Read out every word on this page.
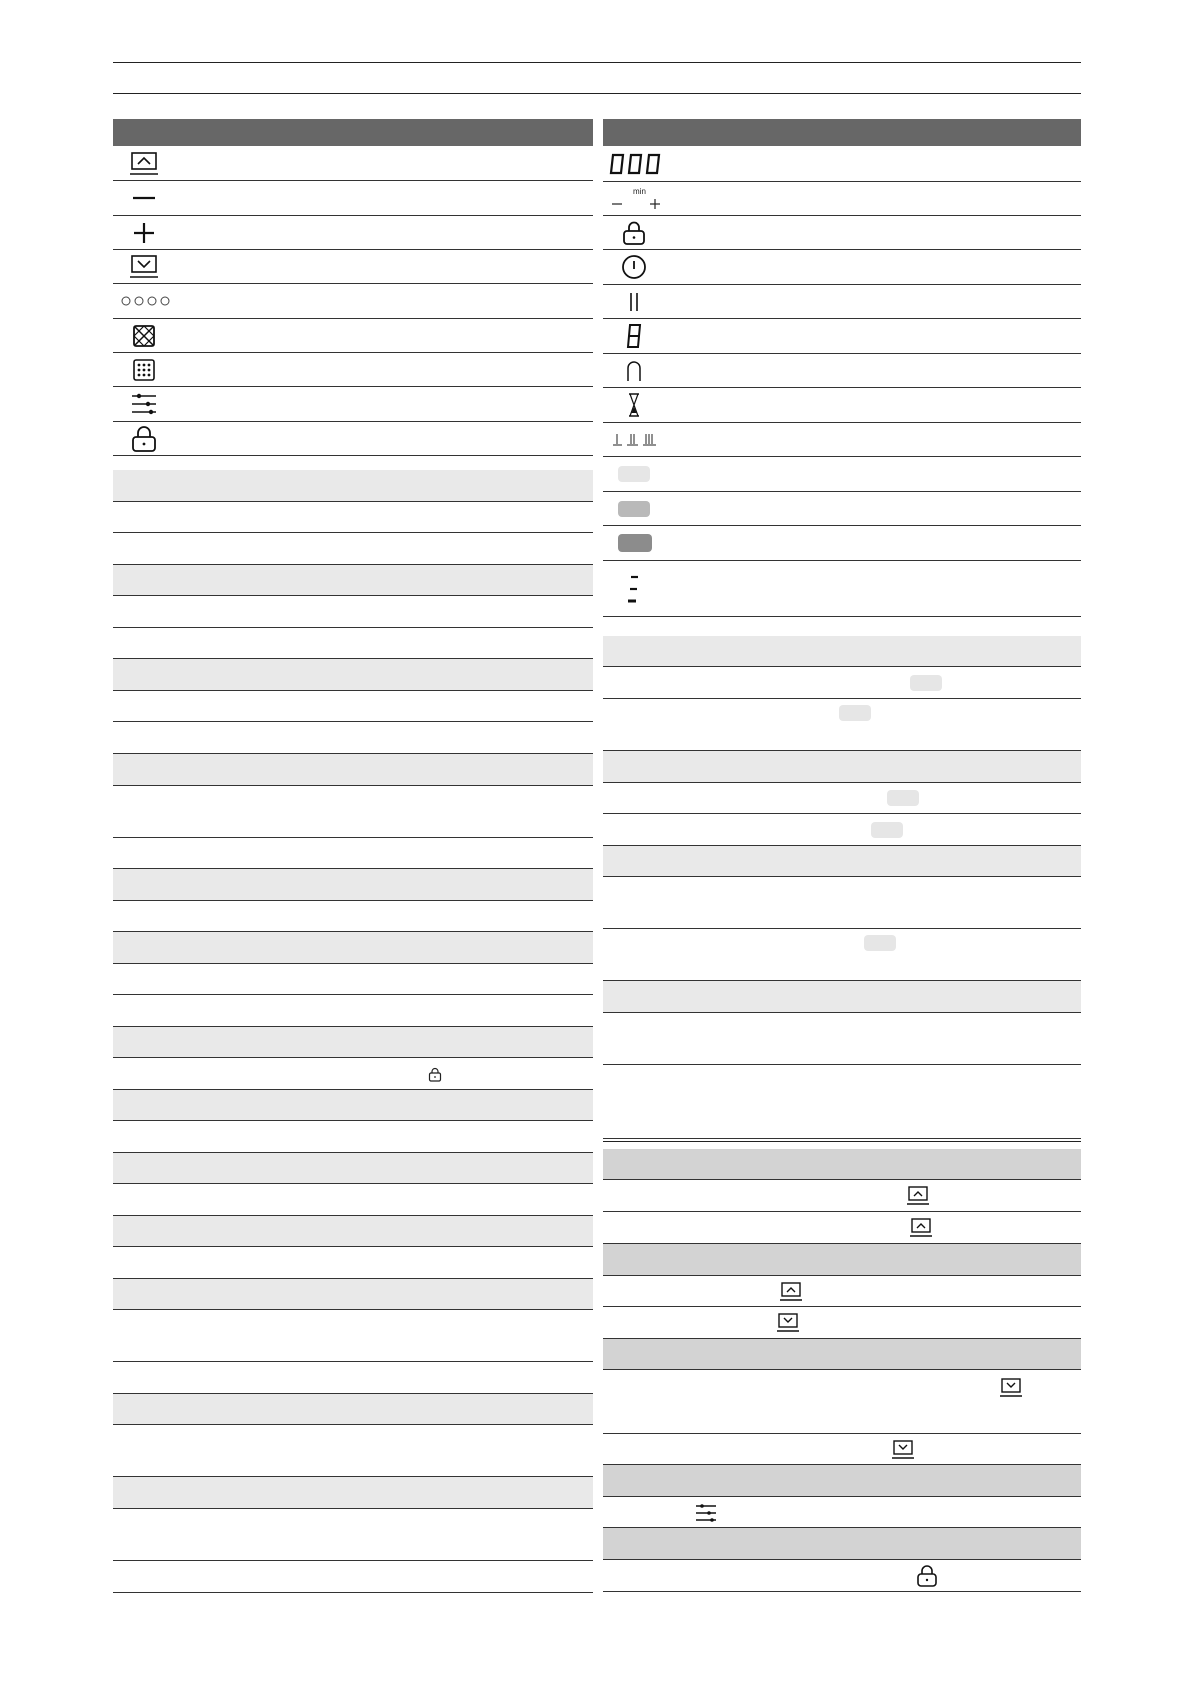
min
